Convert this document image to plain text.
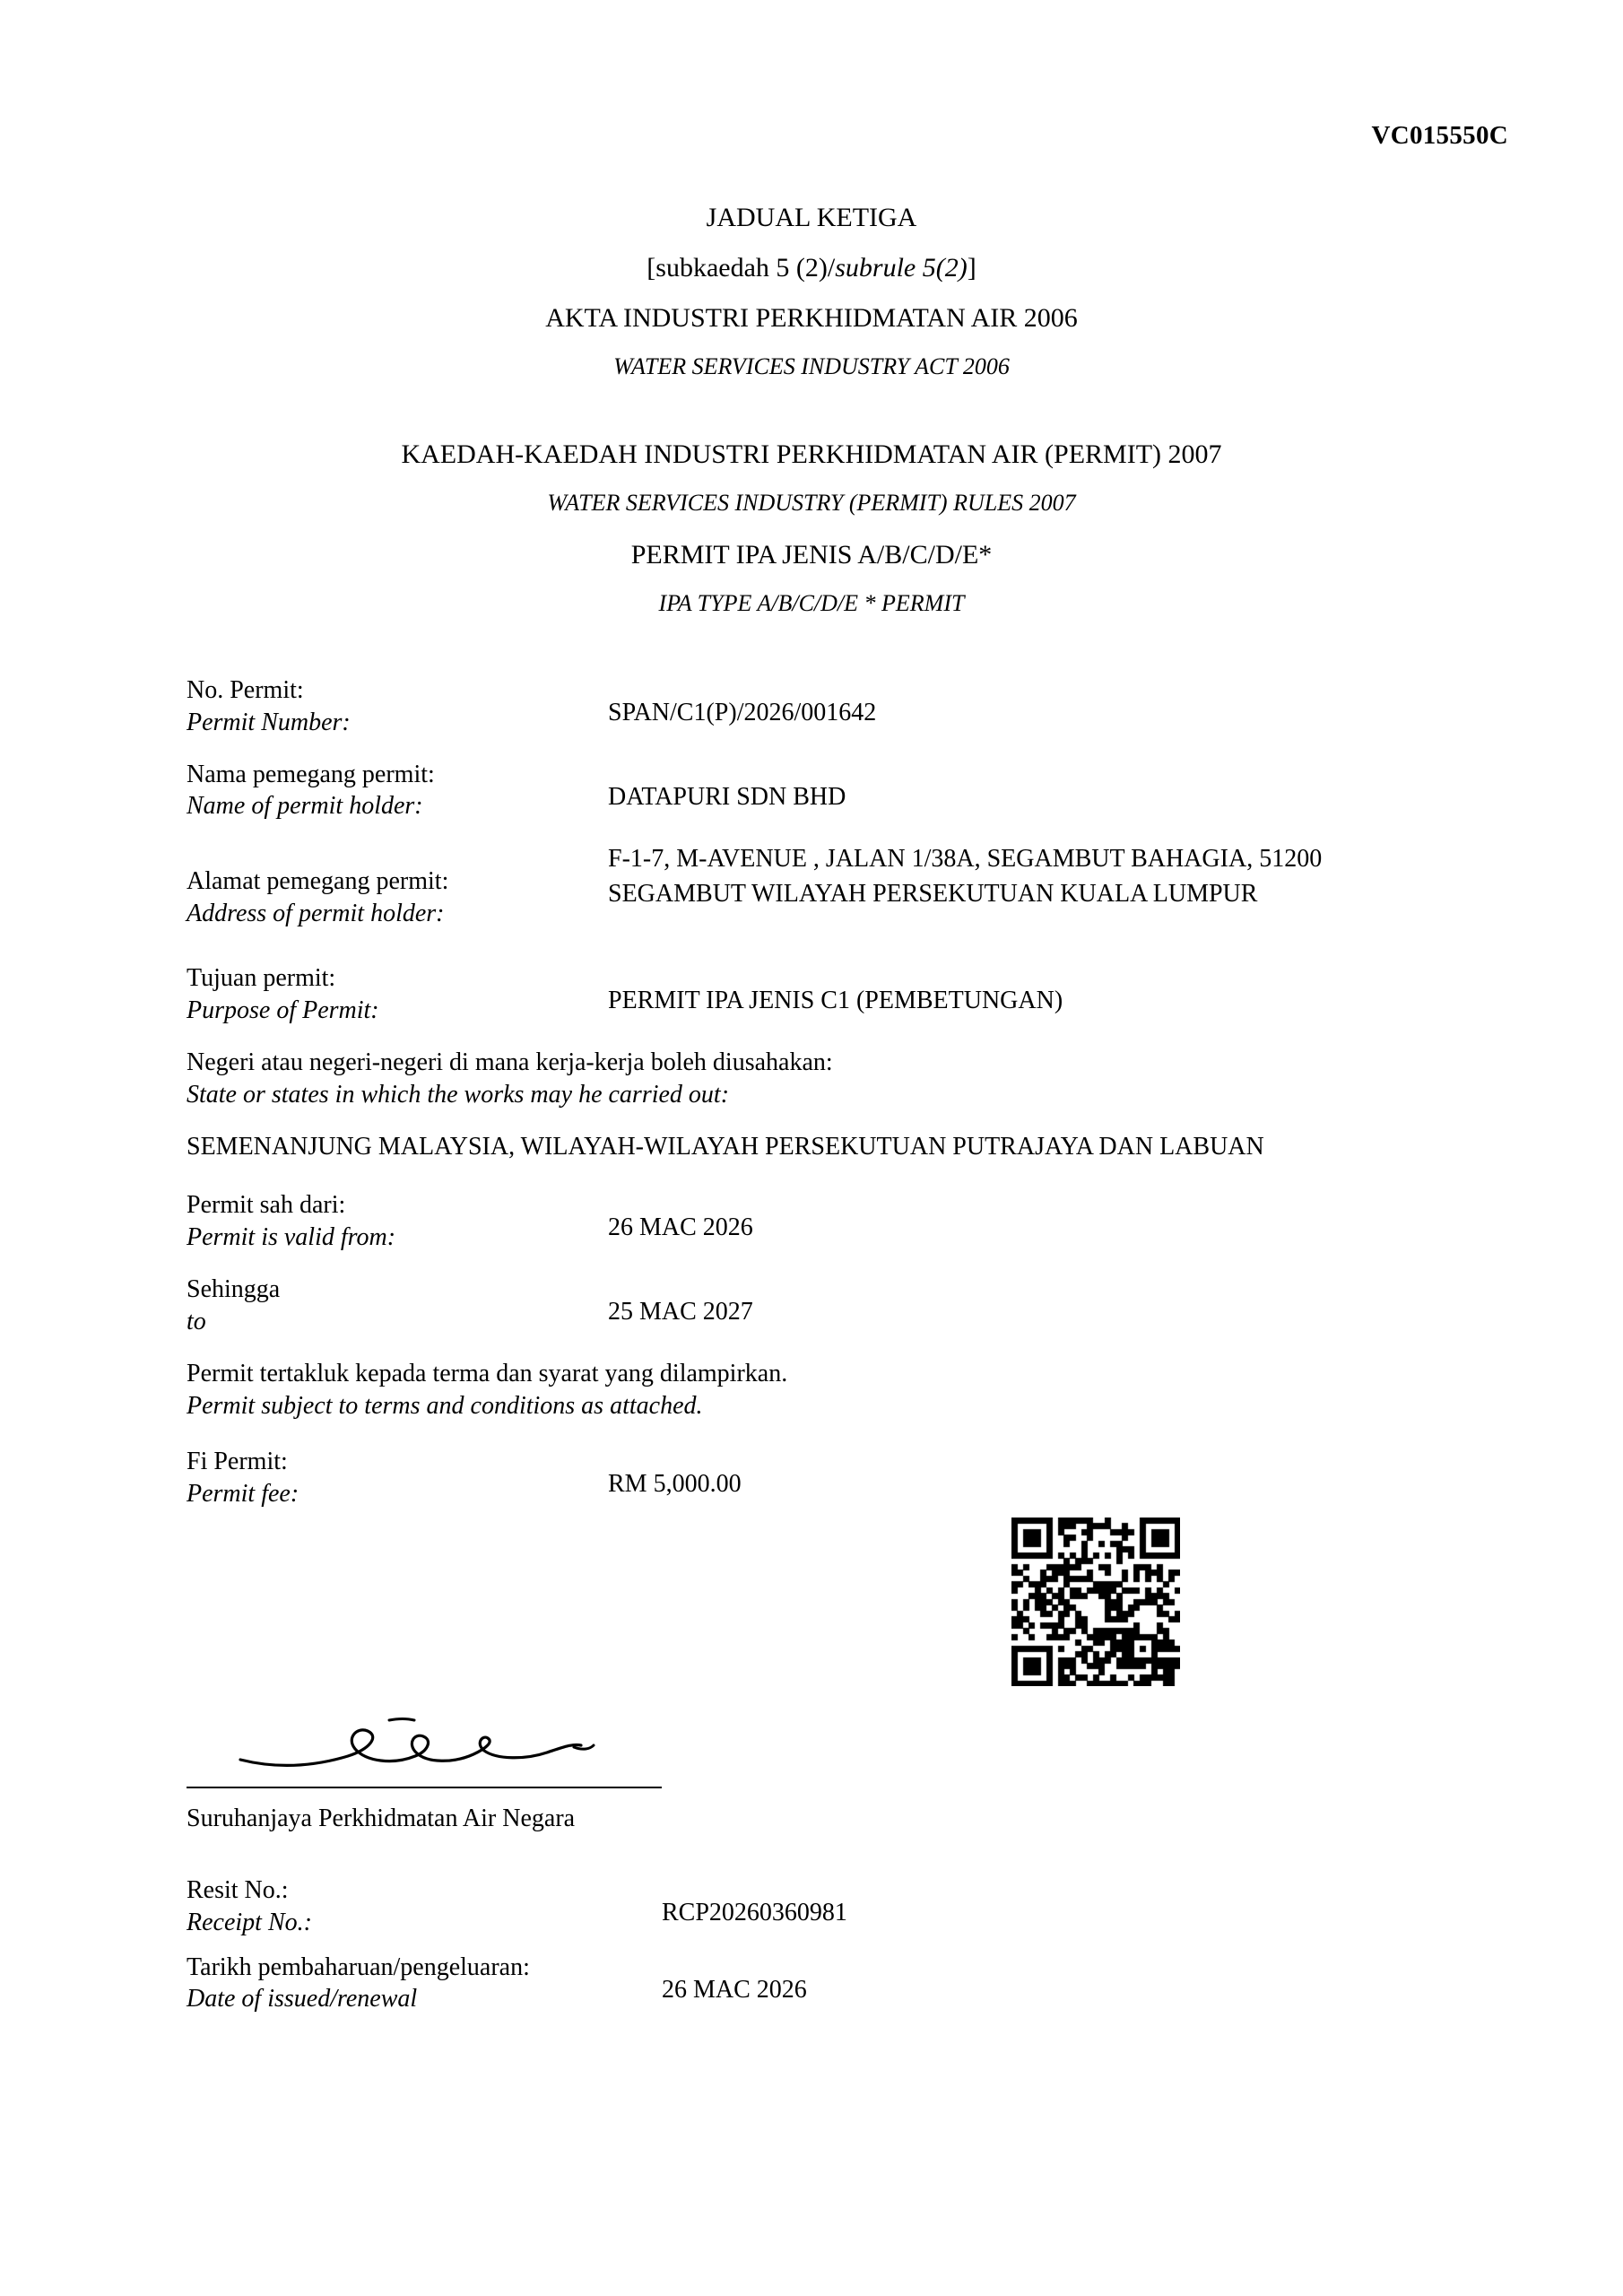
VC015550C
JADUAL KETIGA
[subkaedah 5 (2)/subrule 5(2)]
AKTA INDUSTRI PERKHIDMATAN AIR 2006
WATER SERVICES INDUSTRY ACT 2006
KAEDAH-KAEDAH INDUSTRI PERKHIDMATAN AIR (PERMIT) 2007
WATER SERVICES INDUSTRY (PERMIT) RULES 2007
PERMIT IPA JENIS A/B/C/D/E*
IPA TYPE A/B/C/D/E * PERMIT
No. Permit:
Permit Number:	SPAN/C1(P)/2026/001642
Nama pemegang permit:
Name of permit holder:	DATAPURI SDN BHD
Alamat pemegang permit:
Address of permit holder:
F-1-7, M-AVENUE , JALAN 1/38A, SEGAMBUT BAHAGIA, 51200 SEGAMBUT WILAYAH PERSEKUTUAN KUALA LUMPUR
Tujuan permit:
Purpose of Permit:	PERMIT IPA JENIS C1 (PEMBETUNGAN)
Negeri atau negeri-negeri di mana kerja-kerja boleh diusahakan:
State or states in which the works may he carried out:
SEMENANJUNG MALAYSIA, WILAYAH-WILAYAH PERSEKUTUAN PUTRAJAYA DAN LABUAN
Permit sah dari:
Permit is valid from:	26 MAC 2026
Sehingga
to	25 MAC 2027
Permit tertakluk kepada terma dan syarat yang dilampirkan.
Permit subject to terms and conditions as attached.
Fi Permit:
Permit fee:	RM 5,000.00
Suruhanjaya Perkhidmatan Air Negara
Resit No.:
Receipt No.:	RCP20260360981
Tarikh pembaharuan/pengeluaran:
Date of issued/renewal	26 MAC 2026
